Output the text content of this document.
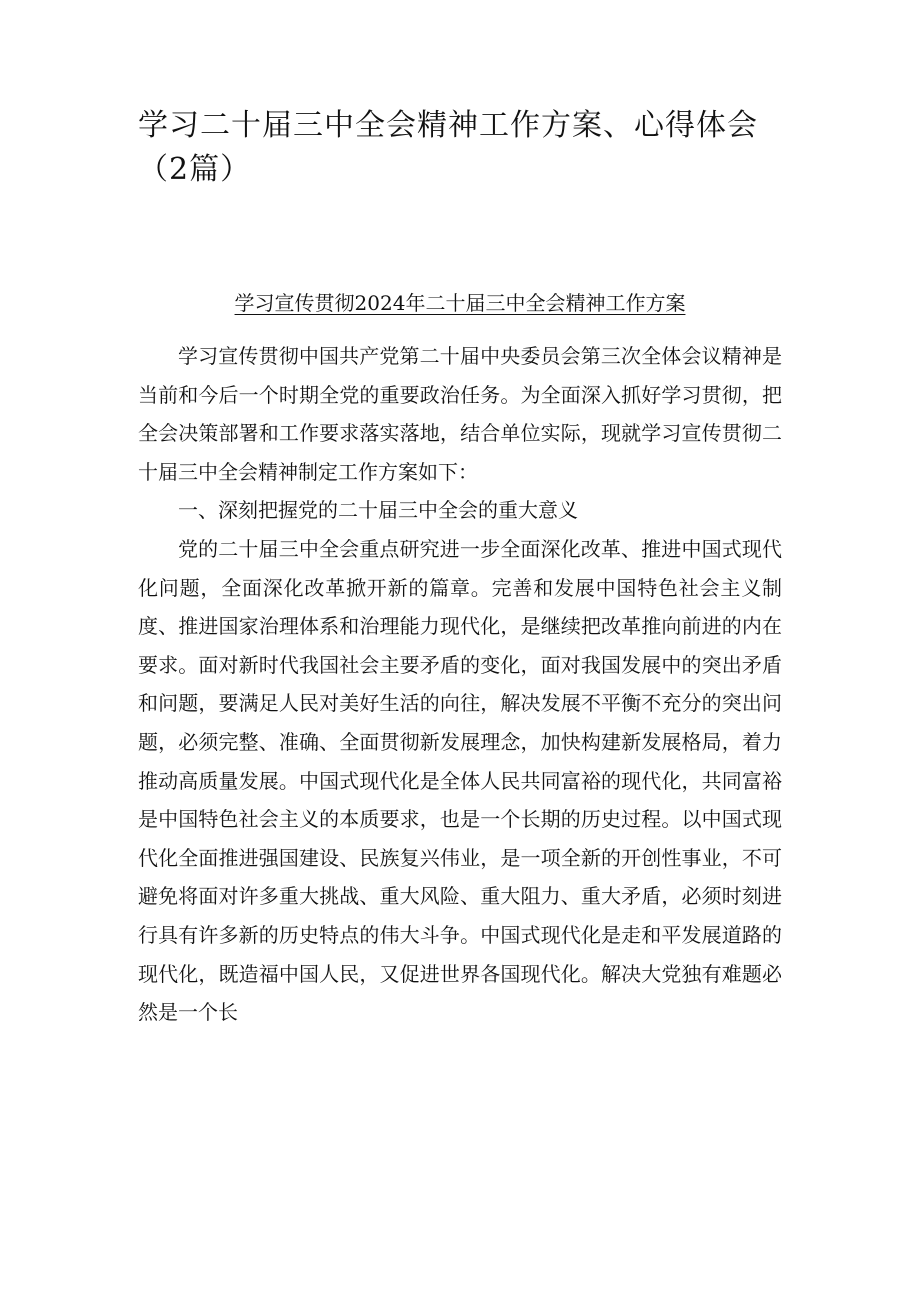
学习二十届三中全会精神工作方案、心得体会（2篇）
学习宣传贯彻2024年二十届三中全会精神工作方案

学习宣传贯彻中国共产党第二十届中央委员会第三次全体会议精神是当前和今后一个时期全党的重要政治任务。为全面深入抓好学习贯彻，把全会决策部署和工作要求落实落地，结合单位实际，现就学习宣传贯彻二十届三中全会精神制定工作方案如下：

一、深刻把握党的二十届三中全会的重大意义

党的二十届三中全会重点研究进一步全面深化改革、推进中国式现代化问题，全面深化改革掀开新的篇章。完善和发展中国特色社会主义制度、推进国家治理体系和治理能力现代化，是继续把改革推向前进的内在要求。面对新时代我国社会主要矛盾的变化，面对我国发展中的突出矛盾和问题，要满足人民对美好生活的向往，解决发展不平衡不充分的突出问题，必须完整、准确、全面贯彻新发展理念，加快构建新发展格局，着力推动高质量发展。中国式现代化是全体人民共同富裕的现代化，共同富裕是中国特色社会主义的本质要求，也是一个长期的历史过程。以中国式现代化全面推进强国建设、民族复兴伟业，是一项全新的开创性事业，不可避免将面对许多重大挑战、重大风险、重大阻力、重大矛盾，必须时刻进行具有许多新的历史特点的伟大斗争。中国式现代化是走和平发展道路的现代化，既造福中国人民，又促进世界各国现代化。解决大党独有难题必然是一个长
